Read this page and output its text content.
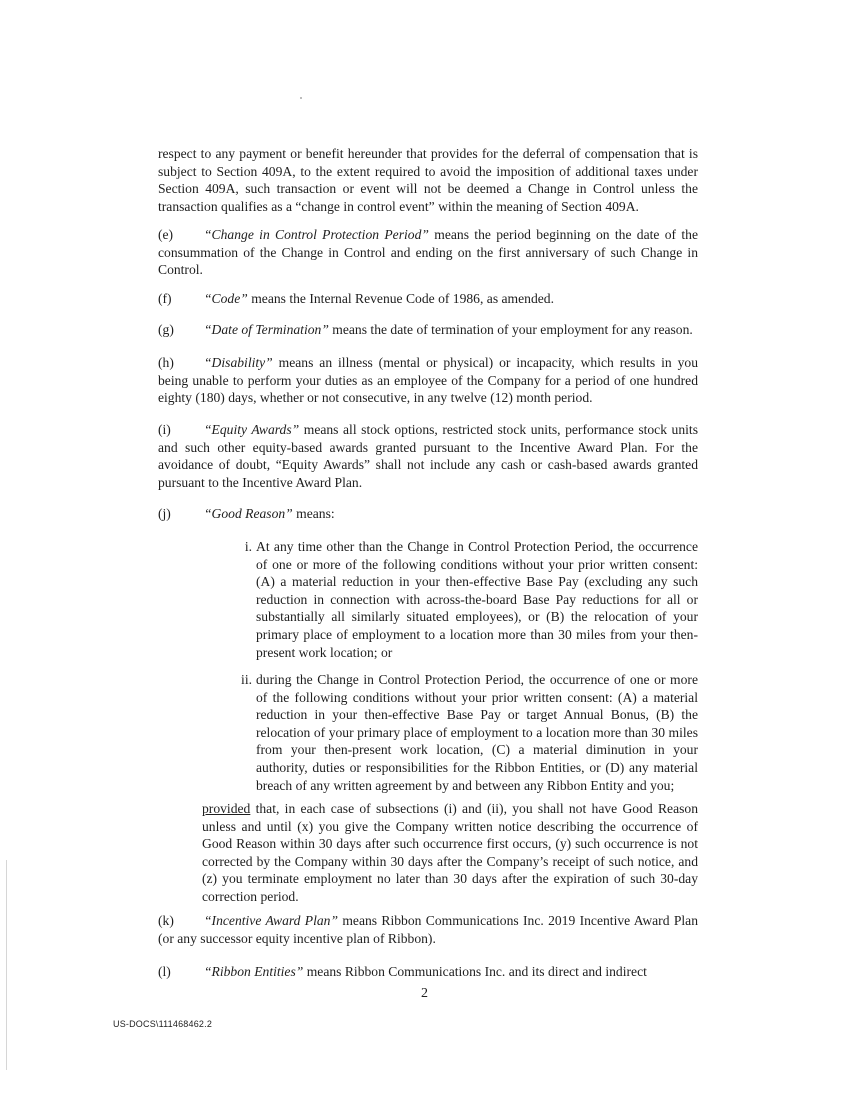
respect to any payment or benefit hereunder that provides for the deferral of compensation that is subject to Section 409A, to the extent required to avoid the imposition of additional taxes under Section 409A, such transaction or event will not be deemed a Change in Control unless the transaction qualifies as a “change in control event” within the meaning of Section 409A.
(e) “Change in Control Protection Period” means the period beginning on the date of the consummation of the Change in Control and ending on the first anniversary of such Change in Control.
(f) “Code” means the Internal Revenue Code of 1986, as amended.
(g) “Date of Termination” means the date of termination of your employment for any reason.
(h) “Disability” means an illness (mental or physical) or incapacity, which results in you being unable to perform your duties as an employee of the Company for a period of one hundred eighty (180) days, whether or not consecutive, in any twelve (12) month period.
(i) “Equity Awards” means all stock options, restricted stock units, performance stock units and such other equity-based awards granted pursuant to the Incentive Award Plan. For the avoidance of doubt, “Equity Awards” shall not include any cash or cash-based awards granted pursuant to the Incentive Award Plan.
(j) “Good Reason” means:
i. At any time other than the Change in Control Protection Period, the occurrence of one or more of the following conditions without your prior written consent: (A) a material reduction in your then-effective Base Pay (excluding any such reduction in connection with across-the-board Base Pay reductions for all or substantially all similarly situated employees), or (B) the relocation of your primary place of employment to a location more than 30 miles from your then-present work location; or
ii. during the Change in Control Protection Period, the occurrence of one or more of the following conditions without your prior written consent: (A) a material reduction in your then-effective Base Pay or target Annual Bonus, (B) the relocation of your primary place of employment to a location more than 30 miles from your then-present work location, (C) a material diminution in your authority, duties or responsibilities for the Ribbon Entities, or (D) any material breach of any written agreement by and between any Ribbon Entity and you;
provided that, in each case of subsections (i) and (ii), you shall not have Good Reason unless and until (x) you give the Company written notice describing the occurrence of Good Reason within 30 days after such occurrence first occurs, (y) such occurrence is not corrected by the Company within 30 days after the Company’s receipt of such notice, and (z) you terminate employment no later than 30 days after the expiration of such 30-day correction period.
(k) “Incentive Award Plan” means Ribbon Communications Inc. 2019 Incentive Award Plan (or any successor equity incentive plan of Ribbon).
(l) “Ribbon Entities” means Ribbon Communications Inc. and its direct and indirect
2
US-DOCS\111468462.2
